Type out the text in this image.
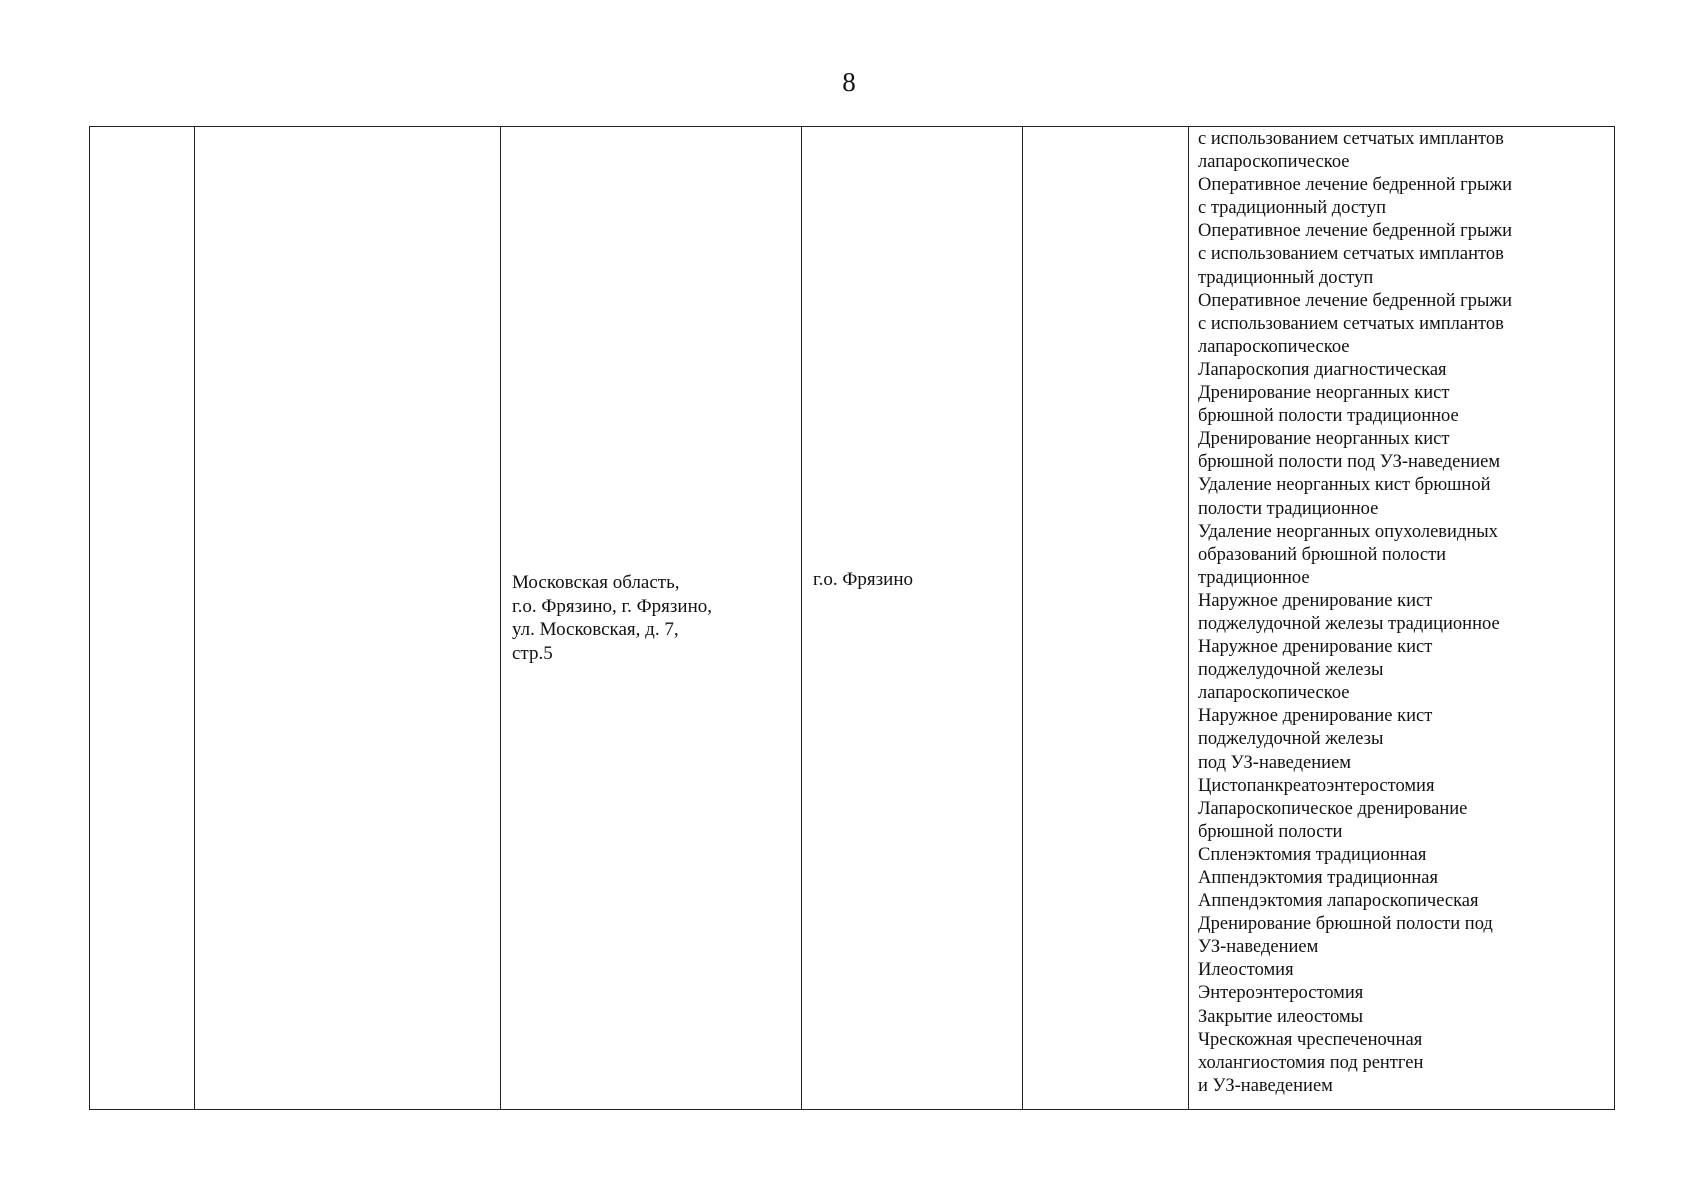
8

Московская область,
г.о. Фрязино, г. Фрязино,
ул. Московская, д. 7,
стр.5

г.о. Фрязино

с использованием сетчатых имплантов
лапароскопическое
Оперативное лечение бедренной грыжи
с традиционный доступ
Оперативное лечение бедренной грыжи
с использованием сетчатых имплантов
традиционный доступ
Оперативное лечение бедренной грыжи
с использованием сетчатых имплантов
лапароскопическое
Лапароскопия диагностическая
Дренирование неорганных кист
брюшной полости традиционное
Дренирование неорганных кист
брюшной полости под УЗ-наведением
Удаление неорганных кист брюшной
полости традиционное
Удаление неорганных опухолевидных
образований брюшной полости
традиционное
Наружное дренирование кист
поджелудочной железы традиционное
Наружное дренирование кист
поджелудочной железы
лапароскопическое
Наружное дренирование кист
поджелудочной железы
под УЗ-наведением
Цистопанкреатоэнтеростомия
Лапароскопическое дренирование
брюшной полости
Спленэктомия традиционная
Аппендэктомия традиционная
Аппендэктомия лапароскопическая
Дренирование брюшной полости под
УЗ-наведением
Илеостомия
Энтероэнтеростомия
Закрытие илеостомы
Чрескожная чреспеченочная
холангиостомия под рентген
и УЗ-наведением
